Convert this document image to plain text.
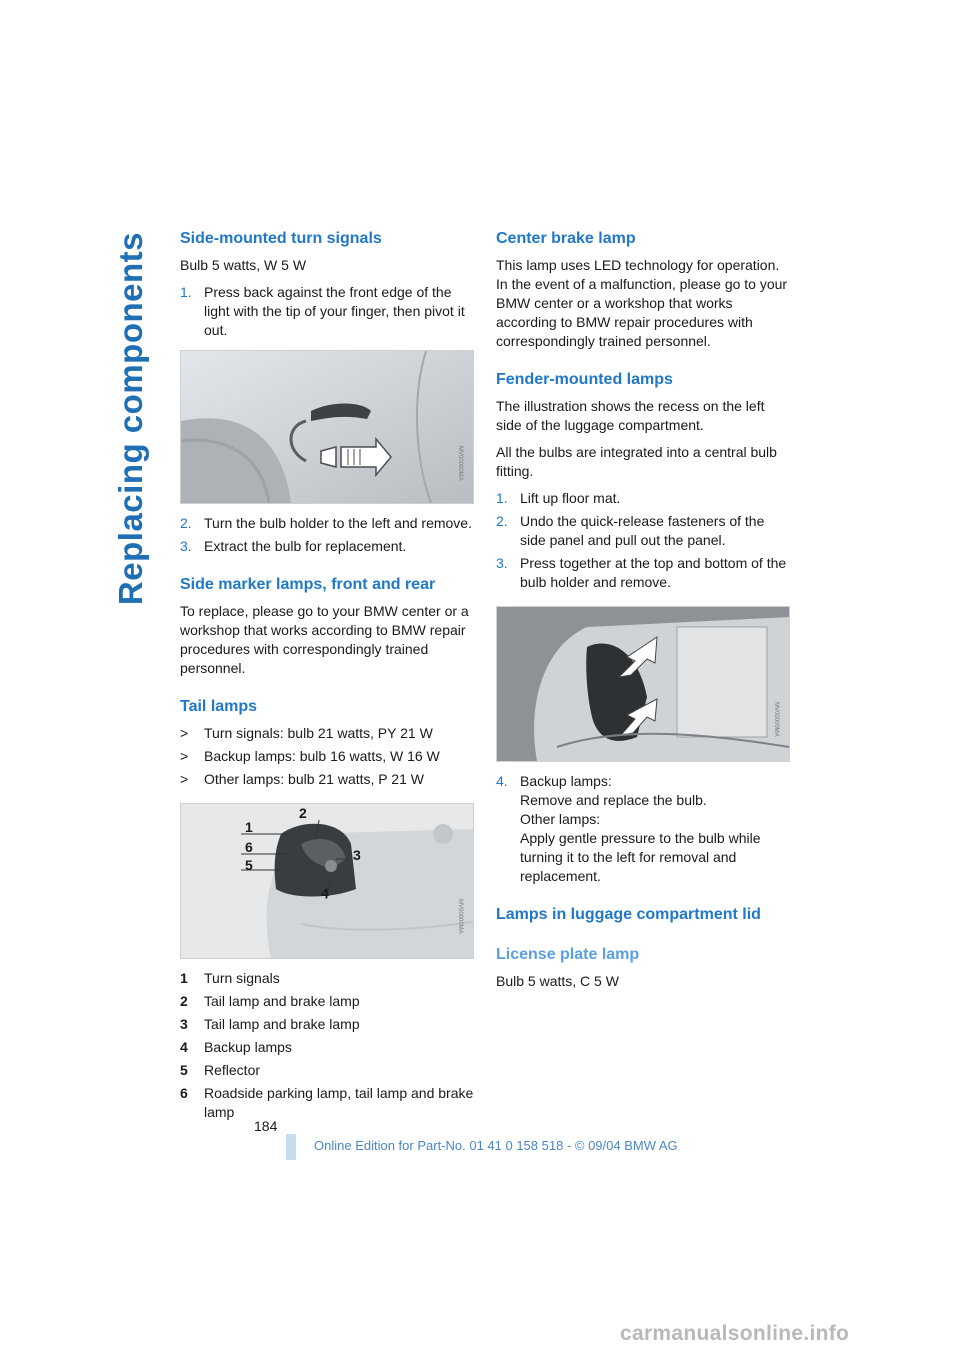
Replacing components Side-mounted turn signals

Bulb 5 watts, W 5 W

1. Press back against the front edge of the light with the tip of your finger, then pivot it out.
MV00000MA
2. Turn the bulb holder to the left and remove.
3. Extract the bulb for replacement.
Side marker lamps, front and rear

To replace, please go to your BMW center or a workshop that works according to BMW repair procedures with correspondingly trained personnel.

Tail lamps
>	Turn signals: bulb 21 watts, PY 21 W
>	Backup lamps: bulb 16 watts, W 16 W
>	Other lamps: bulb 21 watts, P 21 W
1
2
3
4
5
6
MV00000MA
1	Turn signals
2	Tail lamp and brake lamp
3	Tail lamp and brake lamp
4	Backup lamps
5	Reflector
6	Roadside parking lamp, tail lamp and brake lamp
Center brake lamp

This lamp uses LED technology for operation. In the event of a malfunction, please go to your BMW center or a workshop that works according to BMW repair procedures with correspondingly trained personnel.

Fender-mounted lamps

The illustration shows the recess on the left side of the luggage compartment.

All the bulbs are integrated into a central bulb fitting.

1. Lift up floor mat.
2. Undo the quick-release fasteners of the side panel and pull out the panel.
3. Press together at the top and bottom of the bulb holder and remove.
MV00000MA
4. Backup lamps:
Remove and replace the bulb.
Other lamps:
Apply gentle pressure to the bulb while turning it to the left for removal and replacement.
Lamps in luggage compartment lid
License plate lamp

Bulb 5 watts, C 5 W

184
Online Edition for Part-No. 01 41 0 158 518 - © 09/04 BMW AG
carmanualsonline.info
